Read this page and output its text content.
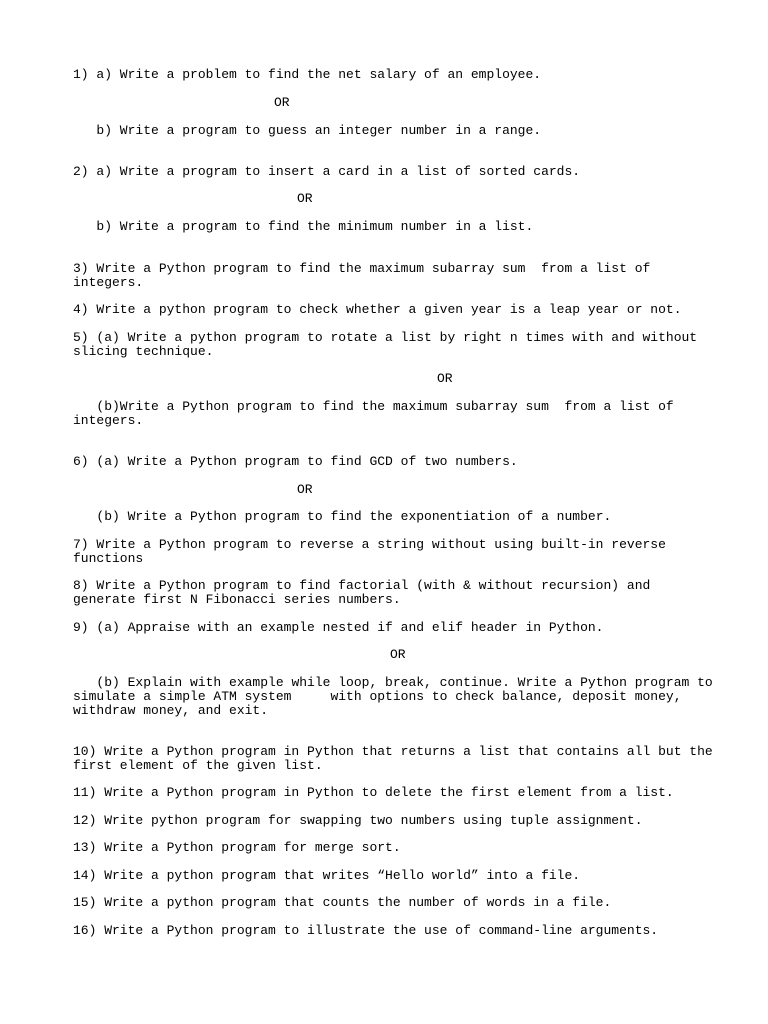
1) a) Write a problem to find the net salary of an employee.

OR

b) Write a program to guess an integer number in a range.

2) a) Write a program to insert a card in a list of sorted cards.

OR

b) Write a program to find the minimum number in a list.

3) Write a Python program to find the maximum subarray sum  from a list of integers.

4) Write a python program to check whether a given year is a leap year or not.

5) (a) Write a python program to rotate a list by right n times with and without slicing technique.

OR

(b)Write a Python program to find the maximum subarray sum  from a list of integers.

6) (a) Write a Python program to find GCD of two numbers.

OR

(b) Write a Python program to find the exponentiation of a number.

7) Write a Python program to reverse a string without using built-in reverse functions

8) Write a Python program to find factorial (with & without recursion) and generate first N Fibonacci series numbers.

9) (a) Appraise with an example nested if and elif header in Python.

OR

(b) Explain with example while loop, break, continue. Write a Python program to simulate a simple ATM system     with options to check balance, deposit money, withdraw money, and exit.

10) Write a Python program in Python that returns a list that contains all but the first element of the given list.

11) Write a Python program in Python to delete the first element from a list.

12) Write python program for swapping two numbers using tuple assignment.

13) Write a Python program for merge sort.

14) Write a python program that writes “Hello world” into a file.

15) Write a python program that counts the number of words in a file.

16) Write a Python program to illustrate the use of command-line arguments.
